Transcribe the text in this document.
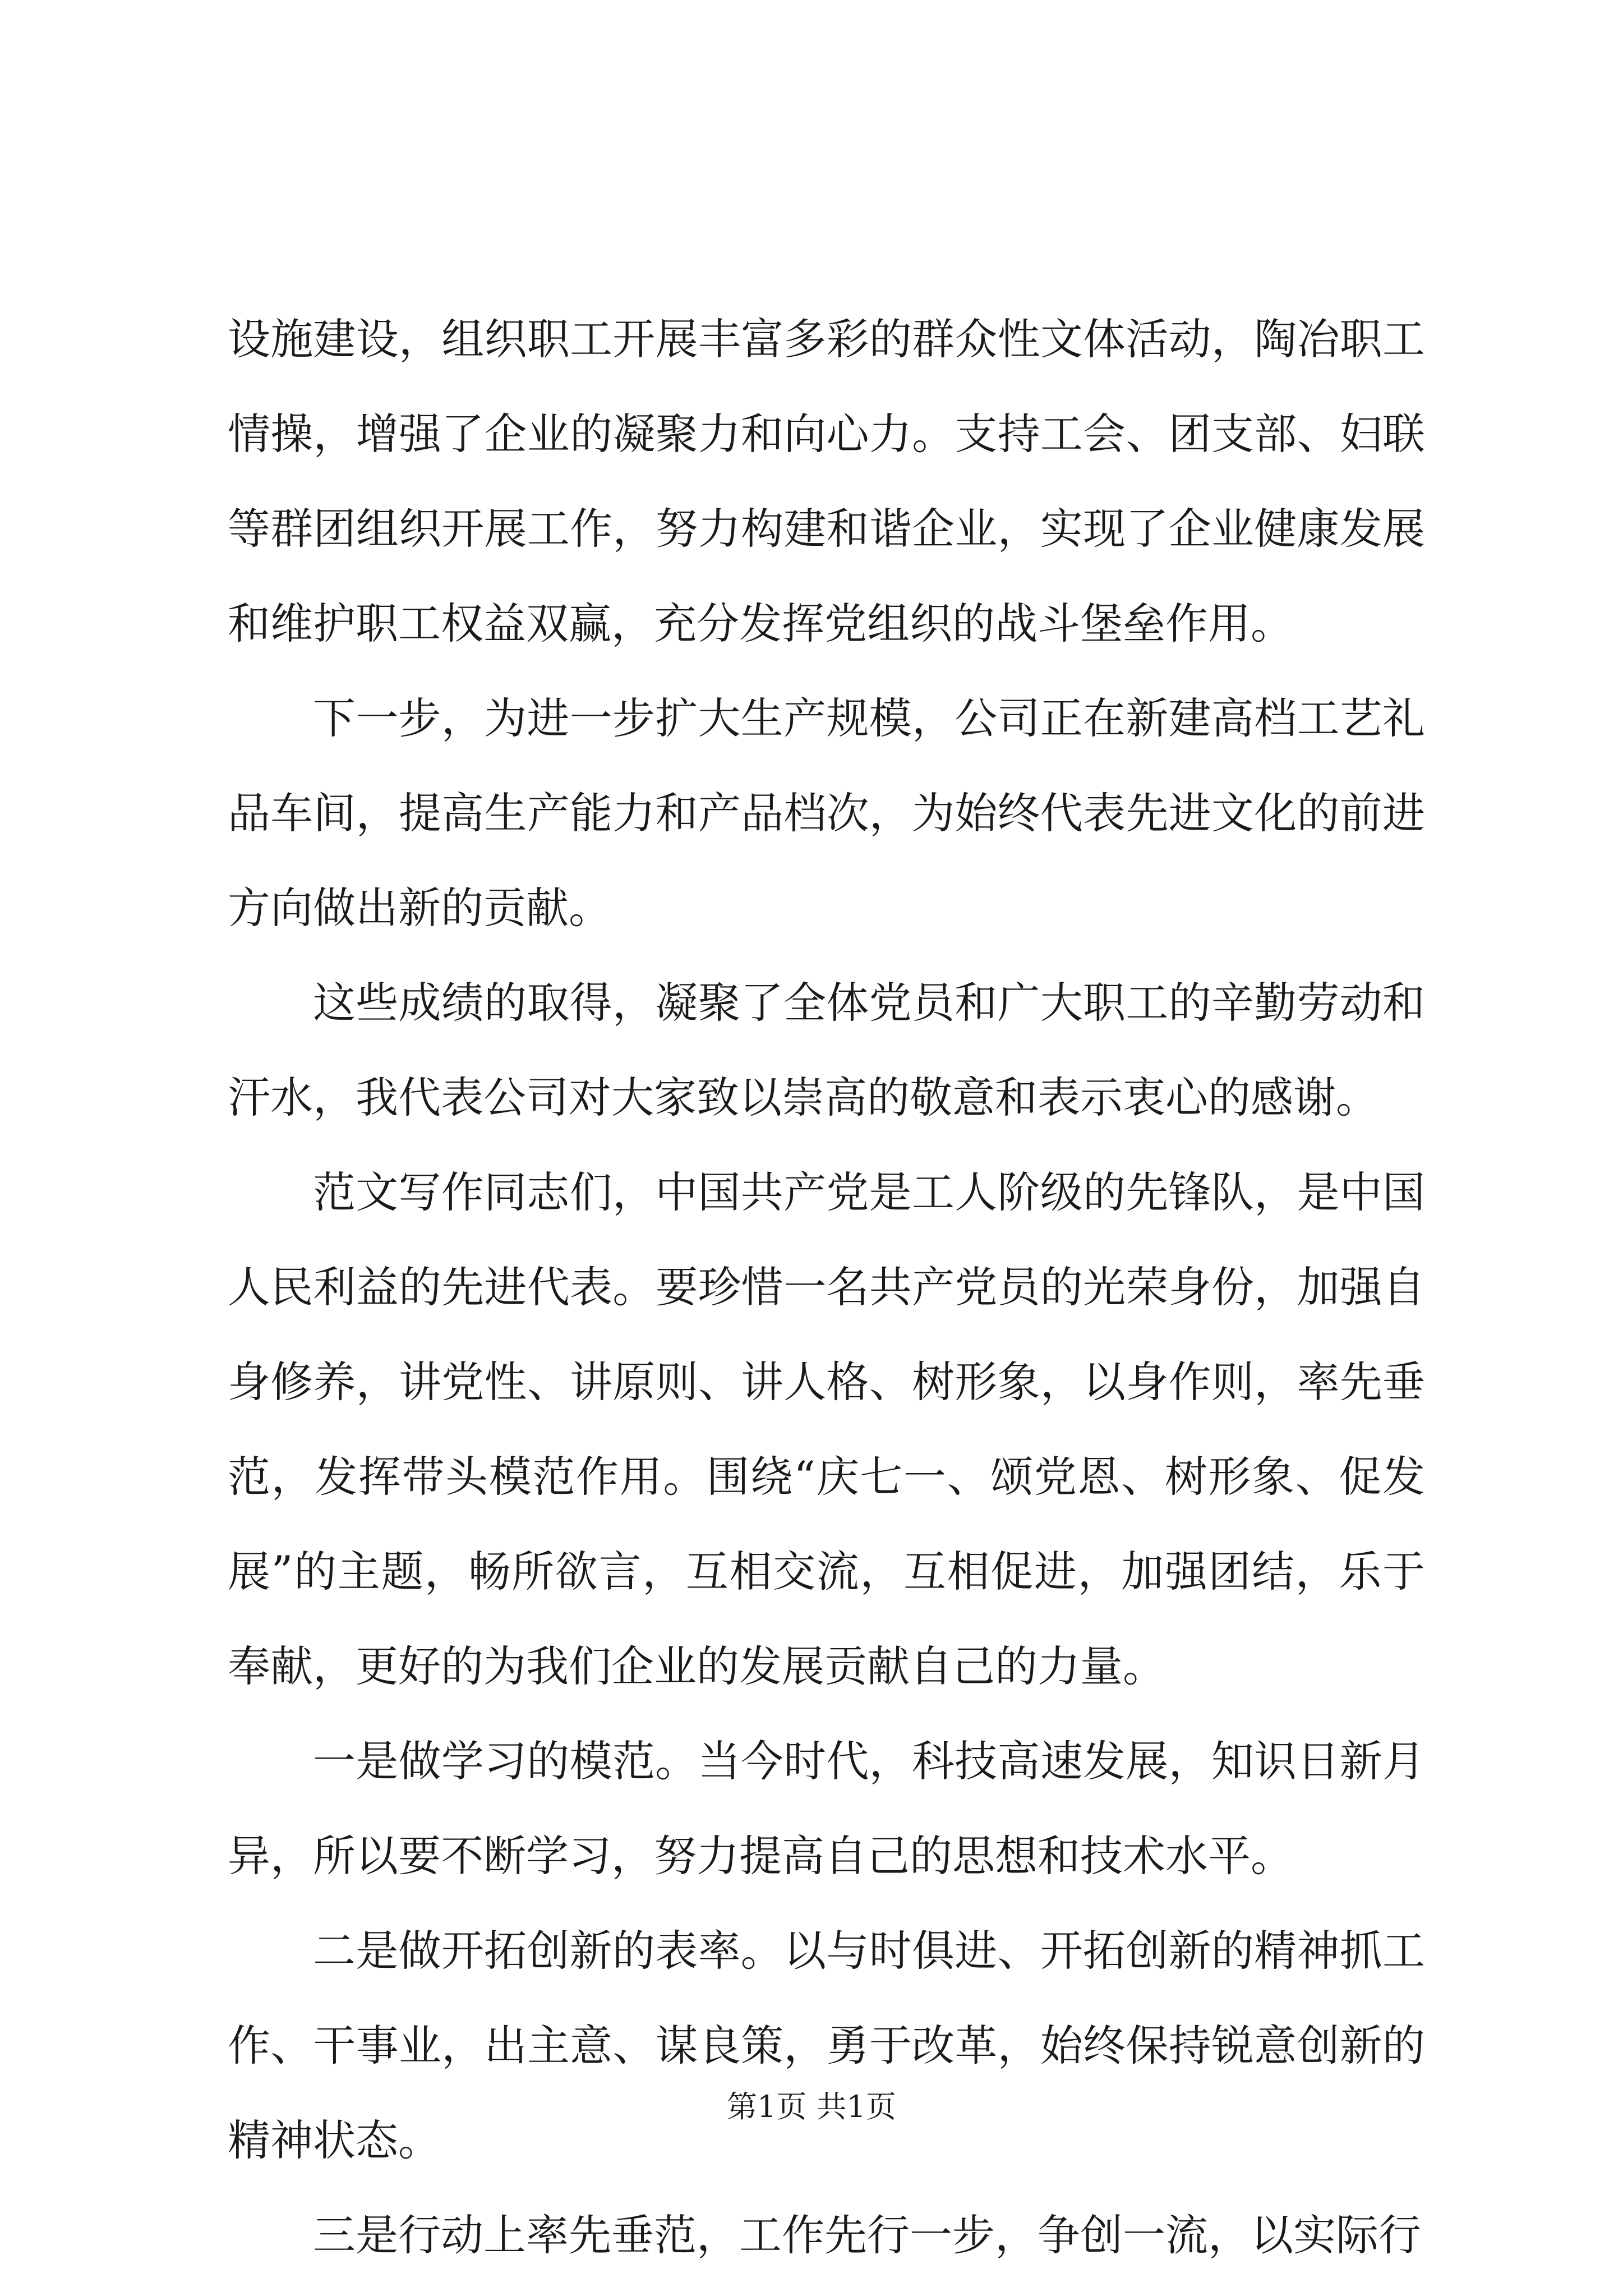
设施建设，组织职工开展丰富多彩的群众性文体活动，陶冶职工情操，增强了企业的凝聚力和向心力。支持工会、团支部、妇联等群团组织开展工作，努力构建和谐企业，实现了企业健康发展和维护职工权益双赢，充分发挥党组织的战斗堡垒作用。

下一步，为进一步扩大生产规模，公司正在新建高档工艺礼品车间，提高生产能力和产品档次，为始终代表先进文化的前进方向做出新的贡献。

这些成绩的取得，凝聚了全体党员和广大职工的辛勤劳动和汗水，我代表公司对大家致以崇高的敬意和表示衷心的感谢。

范文写作同志们，中国共产党是工人阶级的先锋队，是中国人民利益的先进代表。要珍惜一名共产党员的光荣身份，加强自身修养，讲党性、讲原则、讲人格、树形象，以身作则，率先垂范，发挥带头模范作用。围绕“庆七一、颂党恩、树形象、促发展”的主题，畅所欲言，互相交流，互相促进，加强团结，乐于奉献，更好的为我们企业的发展贡献自己的力量。

一是做学习的模范。当今时代，科技高速发展，知识日新月异，所以要不断学习，努力提高自己的思想和技术水平。

二是做开拓创新的表率。以与时俱进、开拓创新的精神抓工作、干事业，出主意、谋良策，勇于改革，始终保持锐意创新的精神状态。

三是行动上率先垂范，工作先行一步，争创一流，以实际行

第1页 共1页
